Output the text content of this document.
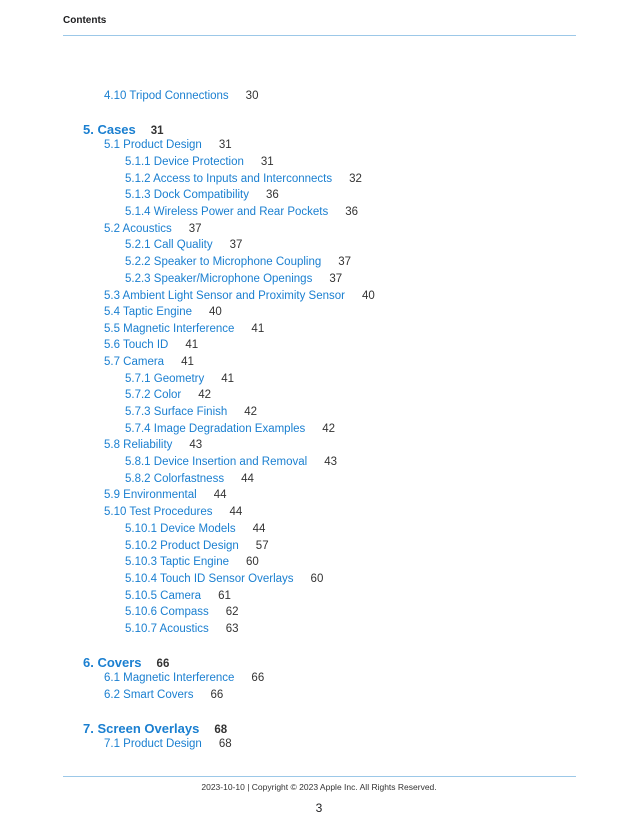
Contents
4.10 Tripod Connections 30
5. Cases 31
5.1 Product Design 31
5.1.1 Device Protection 31
5.1.2 Access to Inputs and Interconnects 32
5.1.3 Dock Compatibility 36
5.1.4 Wireless Power and Rear Pockets 36
5.2 Acoustics 37
5.2.1 Call Quality 37
5.2.2 Speaker to Microphone Coupling 37
5.2.3 Speaker/Microphone Openings 37
5.3 Ambient Light Sensor and Proximity Sensor 40
5.4 Taptic Engine 40
5.5 Magnetic Interference 41
5.6 Touch ID 41
5.7 Camera 41
5.7.1 Geometry 41
5.7.2 Color 42
5.7.3 Surface Finish 42
5.7.4 Image Degradation Examples 42
5.8 Reliability 43
5.8.1 Device Insertion and Removal 43
5.8.2 Colorfastness 44
5.9 Environmental 44
5.10 Test Procedures 44
5.10.1 Device Models 44
5.10.2 Product Design 57
5.10.3 Taptic Engine 60
5.10.4 Touch ID Sensor Overlays 60
5.10.5 Camera 61
5.10.6 Compass 62
5.10.7 Acoustics 63
6. Covers 66
6.1 Magnetic Interference 66
6.2 Smart Covers 66
7. Screen Overlays 68
7.1 Product Design 68
2023-10-10 | Copyright © 2023 Apple Inc. All Rights Reserved.
3
